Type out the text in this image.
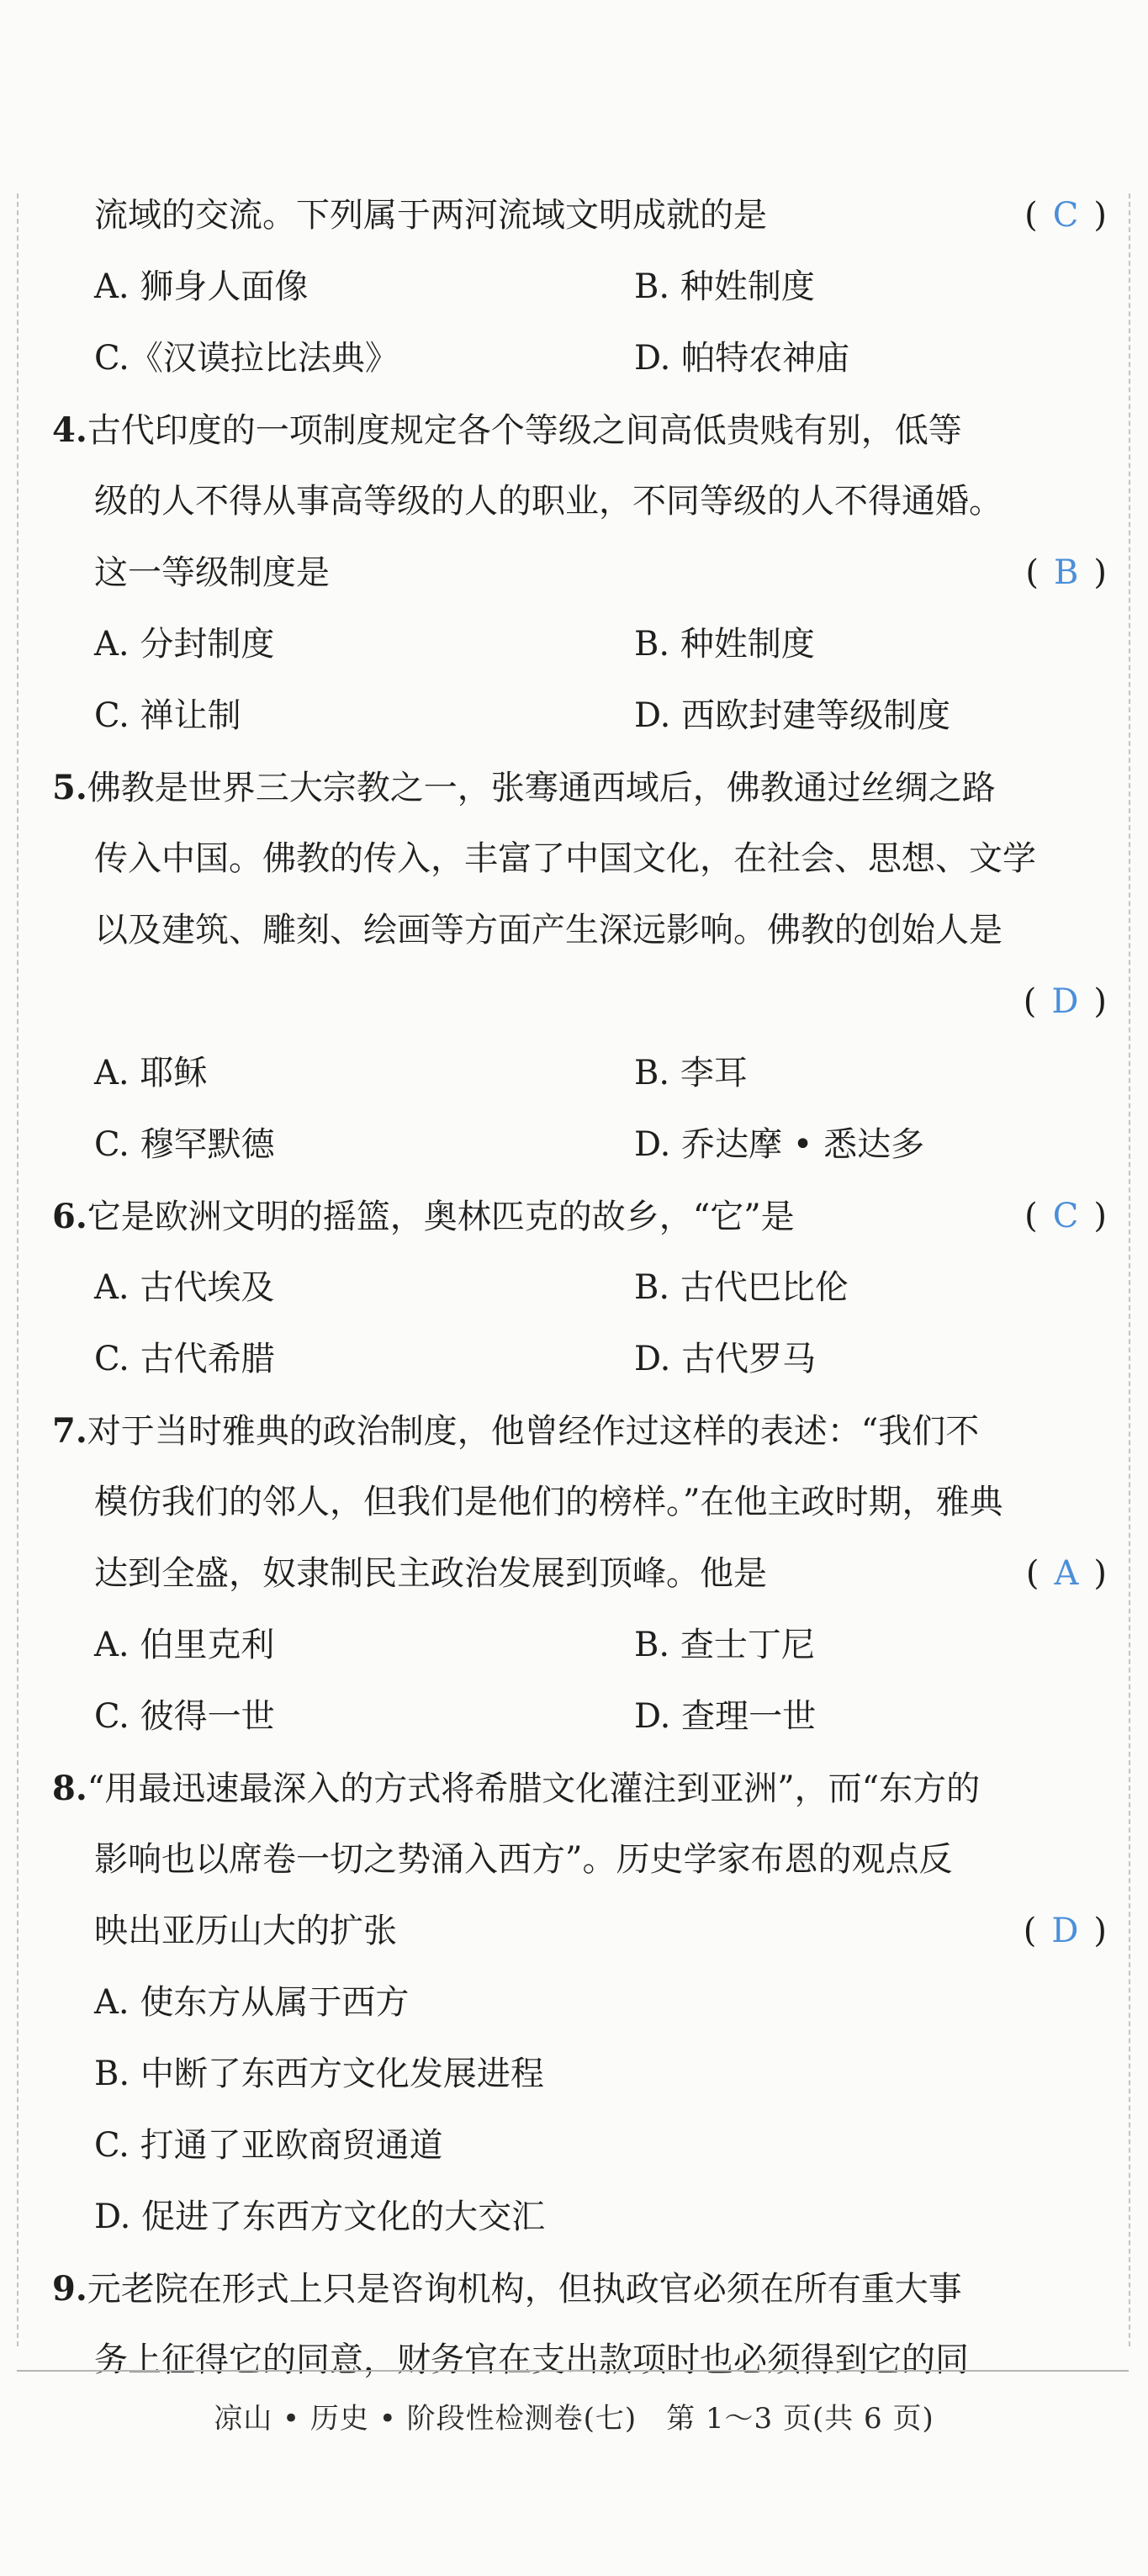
流域的交流。下列属于两河流域文明成就的是	( C )
A. 狮身人面像	B. 种姓制度
C.《汉谟拉比法典》	D. 帕特农神庙
4.古代印度的一项制度规定各个等级之间高低贵贱有别，低等
级的人不得从事高等级的人的职业，不同等级的人不得通婚。
这一等级制度是	( B )
A. 分封制度	B. 种姓制度
C. 禅让制	D. 西欧封建等级制度
5.佛教是世界三大宗教之一，张骞通西域后，佛教通过丝绸之路
传入中国。佛教的传入，丰富了中国文化，在社会、思想、文学
以及建筑、雕刻、绘画等方面产生深远影响。佛教的创始人是
( D )
A. 耶稣	B. 李耳
C. 穆罕默德	D. 乔达摩 • 悉达多
6.它是欧洲文明的摇篮，奥林匹克的故乡，“它”是	( C )
A. 古代埃及	B. 古代巴比伦
C. 古代希腊	D. 古代罗马
7.对于当时雅典的政治制度，他曾经作过这样的表述：“我们不
模仿我们的邻人，但我们是他们的榜样。”在他主政时期，雅典
达到全盛，奴隶制民主政治发展到顶峰。他是	( A )
A. 伯里克利	B. 查士丁尼
C. 彼得一世	D. 查理一世
8.“用最迅速最深入的方式将希腊文化灌注到亚洲”，而“东方的
影响也以席卷一切之势涌入西方”。历史学家布恩的观点反
映出亚历山大的扩张	( D )
A. 使东方从属于西方
B. 中断了东西方文化发展进程
C. 打通了亚欧商贸通道
D. 促进了东西方文化的大交汇
9.元老院在形式上只是咨询机构，但执政官必须在所有重大事
务上征得它的同意，财务官在支出款项时也必须得到它的同
凉山 • 历史 • 阶段性检测卷(七)　第 1～3 页(共 6 页)
